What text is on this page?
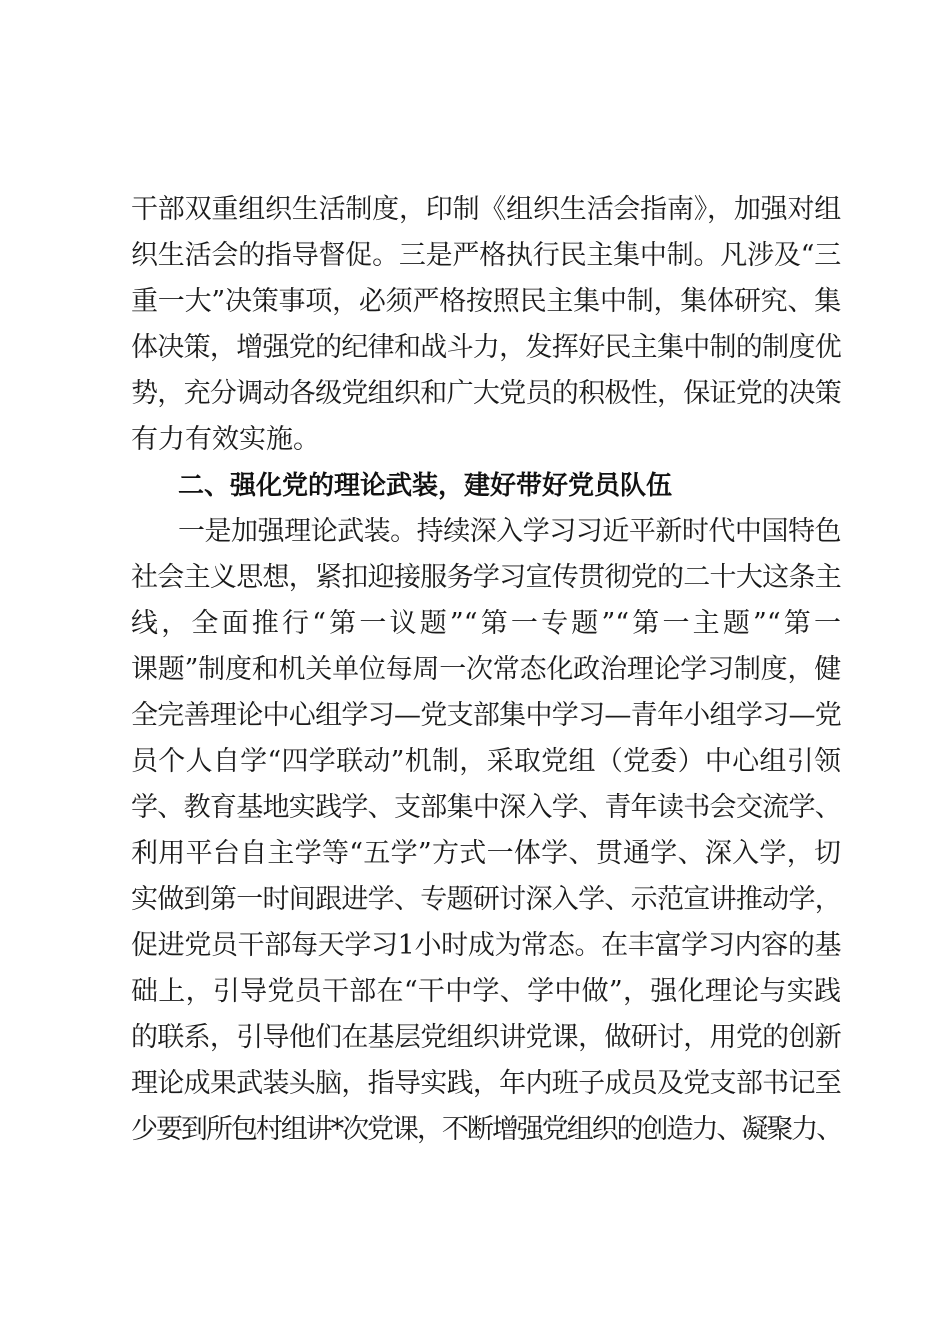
干部双重组织生活制度，印制《组织生活会指南》，加强对组
织生活会的指导督促。三是严格执行民主集中制。凡涉及“三
重一大”决策事项，必须严格按照民主集中制，集体研究、集
体决策，增强党的纪律和战斗力，发挥好民主集中制的制度优
势，充分调动各级党组织和广大党员的积极性，保证党的决策
有力有效实施。
二、强化党的理论武装，建好带好党员队伍
一是加强理论武装。持续深入学习习近平新时代中国特色
社会主义思想，紧扣迎接服务学习宣传贯彻党的二十大这条主
线，全面推行“第一议题”“第一专题”“第一主题”“第一
课题”制度和机关单位每周一次常态化政治理论学习制度，健
全完善理论中心组学习—党支部集中学习—青年小组学习—党
员个人自学“四学联动”机制，采取党组（党委）中心组引领
学、教育基地实践学、支部集中深入学、青年读书会交流学、
利用平台自主学等“五学”方式一体学、贯通学、深入学，切
实做到第一时间跟进学、专题研讨深入学、示范宣讲推动学，
促进党员干部每天学习1小时成为常态。在丰富学习内容的基
础上，引导党员干部在“干中学、学中做”，强化理论与实践
的联系，引导他们在基层党组织讲党课，做研讨，用党的创新
理论成果武装头脑，指导实践，年内班子成员及党支部书记至
少要到所包村组讲*次党课，不断增强党组织的创造力、凝聚力、
